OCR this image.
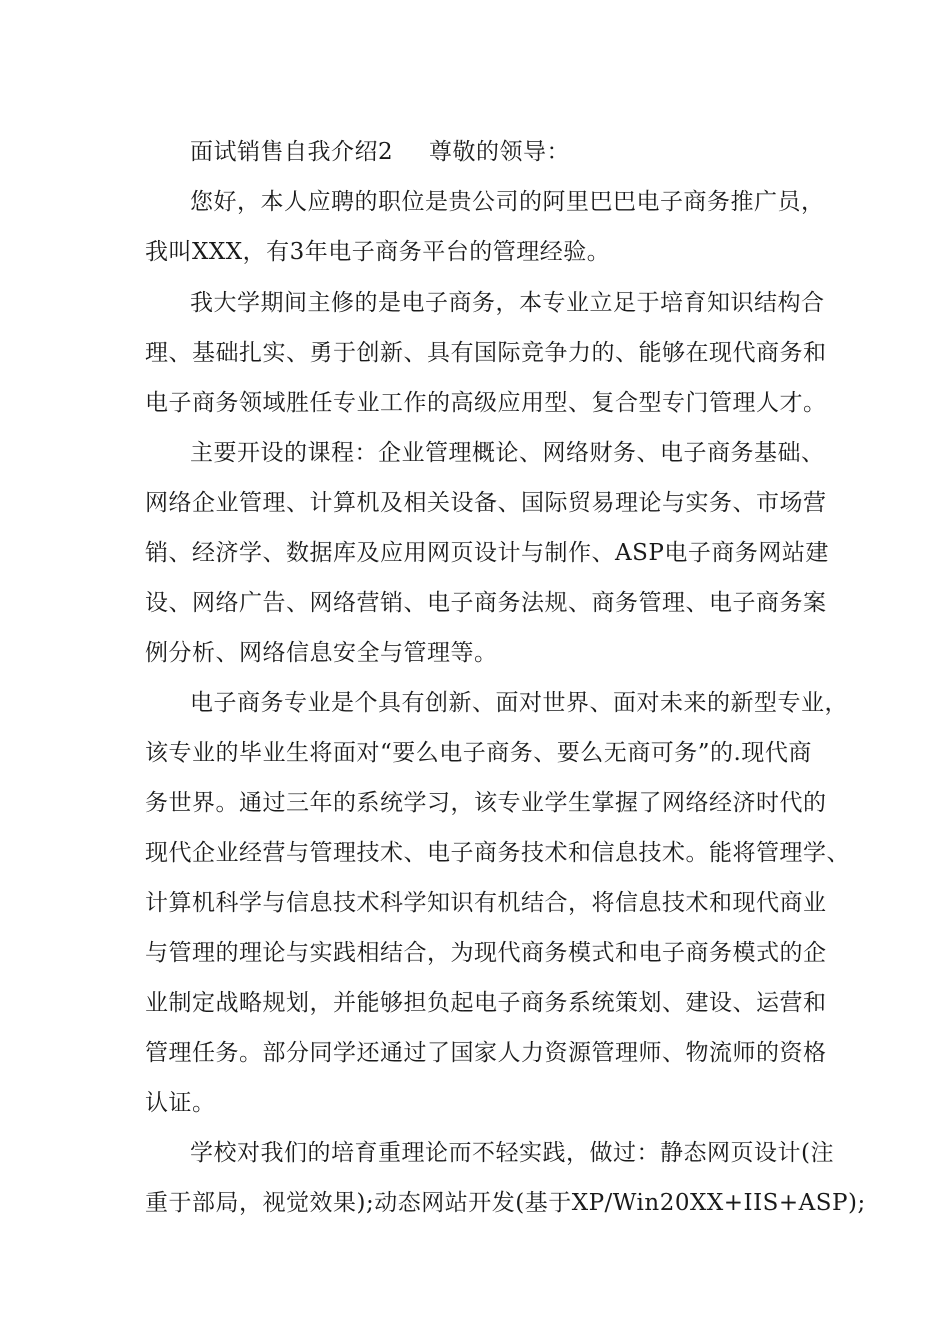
面试销售自我介绍2 尊敬的领导：
您好，本人应聘的职位是贵公司的阿里巴巴电子商务推广员，
我叫XXX，有3年电子商务平台的管理经验。
我大学期间主修的是电子商务，本专业立足于培育知识结构合
理、基础扎实、勇于创新、具有国际竞争力的、能够在现代商务和
电子商务领域胜任专业工作的高级应用型、复合型专门管理人才。
主要开设的课程：企业管理概论、网络财务、电子商务基础、
网络企业管理、计算机及相关设备、国际贸易理论与实务、市场营
销、经济学、数据库及应用网页设计与制作、ASP电子商务网站建
设、网络广告、网络营销、电子商务法规、商务管理、电子商务案
例分析、网络信息安全与管理等。
电子商务专业是个具有创新、面对世界、面对未来的新型专业，
该专业的毕业生将面对“要么电子商务、要么无商可务”的.现代商
务世界。通过三年的系统学习，该专业学生掌握了网络经济时代的
现代企业经营与管理技术、电子商务技术和信息技术。能将管理学、
计算机科学与信息技术科学知识有机结合，将信息技术和现代商业
与管理的理论与实践相结合，为现代商务模式和电子商务模式的企
业制定战略规划，并能够担负起电子商务系统策划、建设、运营和
管理任务。部分同学还通过了国家人力资源管理师、物流师的资格
认证。
学校对我们的培育重理论而不轻实践，做过：静态网页设计(注
重于部局，视觉效果);动态网站开发(基于XP/Win20XX+IIS+ASP);
